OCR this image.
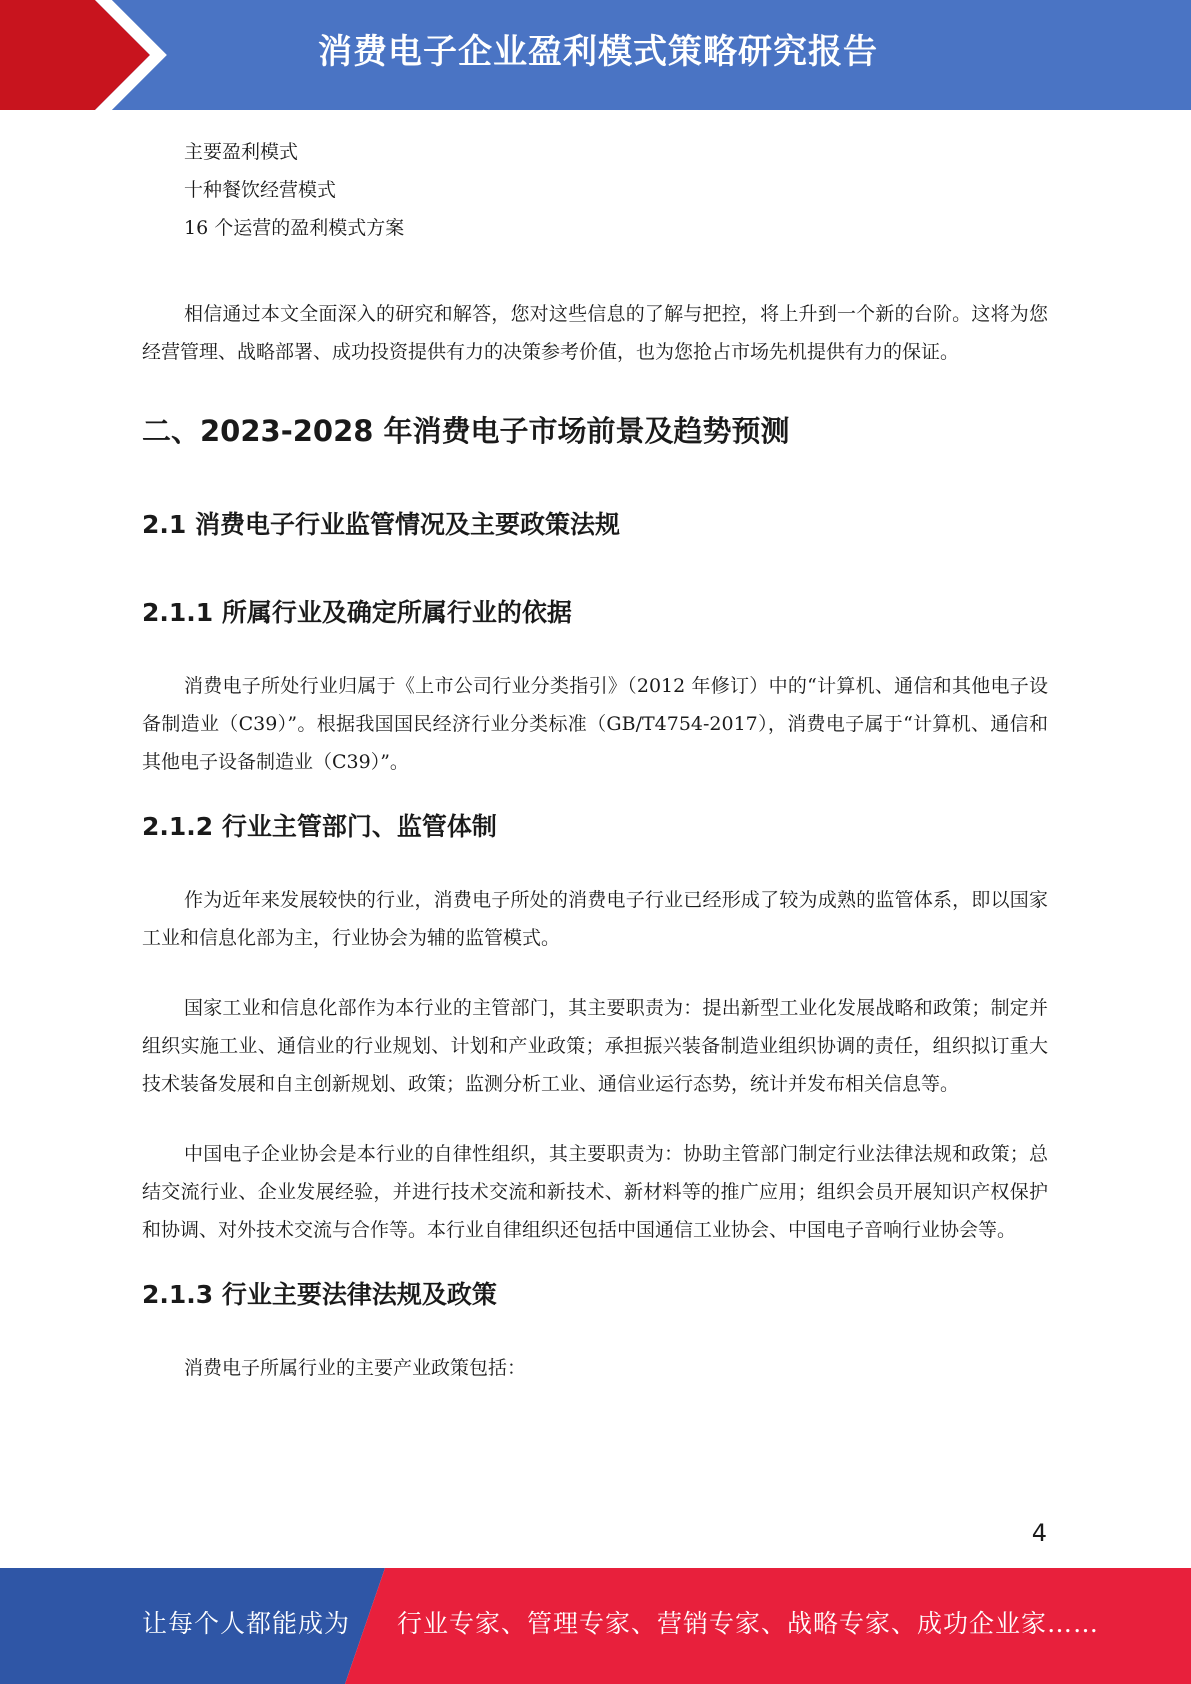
消费电子企业盈利模式策略研究报告

主要盈利模式

十种餐饮经营模式

16 个运营的盈利模式方案

相信通过本文全面深入的研究和解答，您对这些信息的了解与把控，将上升到一个新的台阶。这将为您经营管理、战略部署、成功投资提供有力的决策参考价值，也为您抢占市场先机提供有力的保证。

二、2023-2028 年消费电子市场前景及趋势预测
2.1 消费电子行业监管情况及主要政策法规
2.1.1 所属行业及确定所属行业的依据

消费电子所处行业归属于《上市公司行业分类指引》（2012 年修订）中的“计算机、通信和其他电子设备制造业（C39）”。根据我国国民经济行业分类标准（GB/T4754-2017），消费电子属于“计算机、通信和其他电子设备制造业（C39）”。

2.1.2 行业主管部门、监管体制

作为近年来发展较快的行业，消费电子所处的消费电子行业已经形成了较为成熟的监管体系，即以国家工业和信息化部为主，行业协会为辅的监管模式。

国家工业和信息化部作为本行业的主管部门，其主要职责为：提出新型工业化发展战略和政策；制定并组织实施工业、通信业的行业规划、计划和产业政策；承担振兴装备制造业组织协调的责任，组织拟订重大技术装备发展和自主创新规划、政策；监测分析工业、通信业运行态势，统计并发布相关信息等。

中国电子企业协会是本行业的自律性组织，其主要职责为：协助主管部门制定行业法律法规和政策；总结交流行业、企业发展经验，并进行技术交流和新技术、新材料等的推广应用；组织会员开展知识产权保护和协调、对外技术交流与合作等。本行业自律组织还包括中国通信工业协会、中国电子音响行业协会等。

2.1.3 行业主要法律法规及政策

消费电子所属行业的主要产业政策包括：

4
让每个人都能成为 行业专家、管理专家、营销专家、战略专家、成功企业家……
